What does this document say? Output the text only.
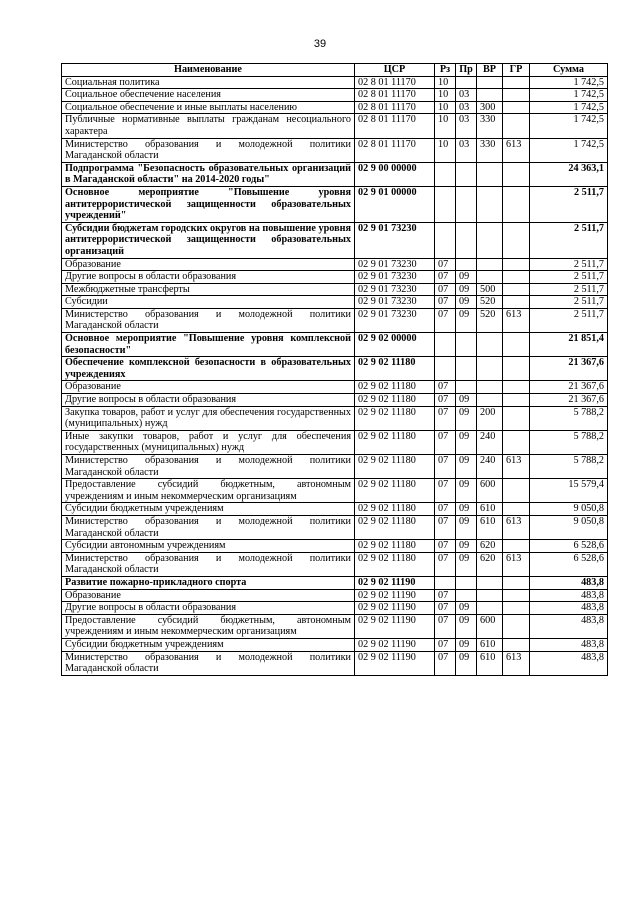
39
Наименование	ЦСР	Рз	Пр	ВР	ГР	Сумма
Социальная политика	02 8 01 11170	10				1 742,5
Социальное обеспечение населения	02 8 01 11170	10	03			1 742,5
Социальное обеспечение и иные выплаты населению	02 8 01 11170	10	03	300		1 742,5
Публичные нормативные выплаты гражданам несоциального характера	02 8 01 11170	10	03	330		1 742,5
Министерство образования и молодежной политики Магаданской области	02 8 01 11170	10	03	330	613	1 742,5
Подпрограмма "Безопасность образовательных организаций в Магаданской области" на 2014-2020 годы"	02 9 00 00000					24 363,1
Основное мероприятие "Повышение уровня антитеррористической защищенности образовательных учреждений"	02 9 01 00000					2 511,7
Субсидии бюджетам городских округов на повышение уровня антитеррористической защищенности образовательных организаций	02 9 01 73230					2 511,7
Образование	02 9 01 73230	07				2 511,7
Другие вопросы в области образования	02 9 01 73230	07	09			2 511,7
Межбюджетные трансферты	02 9 01 73230	07	09	500		2 511,7
Субсидии	02 9 01 73230	07	09	520		2 511,7
Министерство образования и молодежной политики Магаданской области	02 9 01 73230	07	09	520	613	2 511,7
Основное мероприятие "Повышение уровня комплексной безопасности"	02 9 02 00000					21 851,4
Обеспечение комплексной безопасности в образовательных учреждениях	02 9 02 11180					21 367,6
Образование	02 9 02 11180	07				21 367,6
Другие вопросы в области образования	02 9 02 11180	07	09			21 367,6
Закупка товаров, работ и услуг для обеспечения государственных (муниципальных) нужд	02 9 02 11180	07	09	200		5 788,2
Иные закупки товаров, работ и услуг для обеспечения государственных (муниципальных) нужд	02 9 02 11180	07	09	240		5 788,2
Министерство образования и молодежной политики Магаданской области	02 9 02 11180	07	09	240	613	5 788,2
Предоставление субсидий бюджетным, автономным учреждениям и иным некоммерческим организациям	02 9 02 11180	07	09	600		15 579,4
Субсидии бюджетным учреждениям	02 9 02 11180	07	09	610		9 050,8
Министерство образования и молодежной политики Магаданской области	02 9 02 11180	07	09	610	613	9 050,8
Субсидии автономным учреждениям	02 9 02 11180	07	09	620		6 528,6
Министерство образования и молодежной политики Магаданской области	02 9 02 11180	07	09	620	613	6 528,6
Развитие пожарно-прикладного спорта	02 9 02 11190					483,8
Образование	02 9 02 11190	07				483,8
Другие вопросы в области образования	02 9 02 11190	07	09			483,8
Предоставление субсидий бюджетным, автономным учреждениям и иным некоммерческим организациям	02 9 02 11190	07	09	600		483,8
Субсидии бюджетным учреждениям	02 9 02 11190	07	09	610		483,8
Министерство образования и молодежной политики Магаданской области	02 9 02 11190	07	09	610	613	483,8
